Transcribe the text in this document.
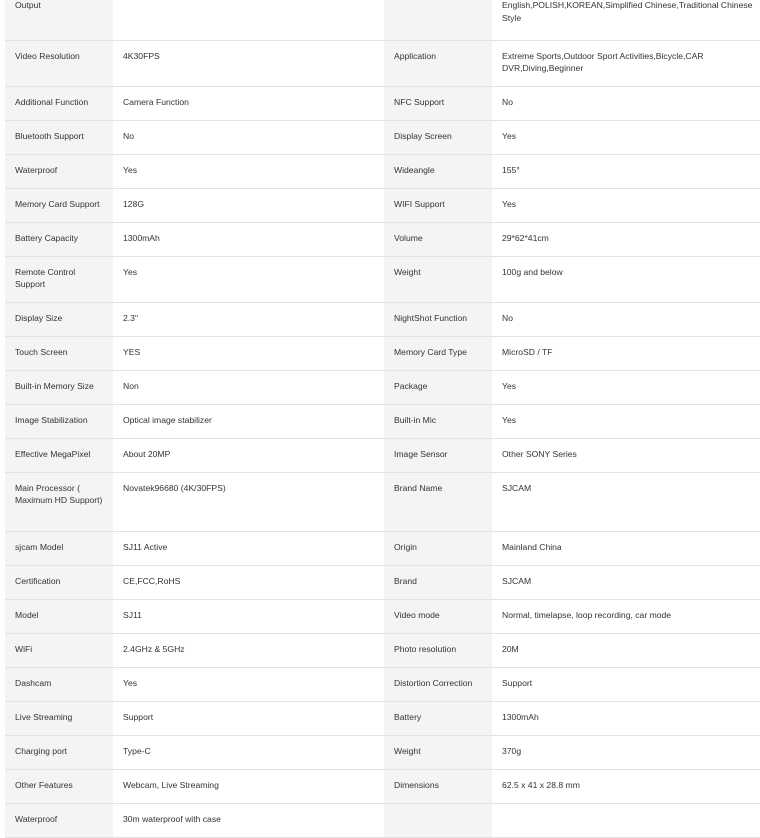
Output			English,POLISH,KOREAN,Simplified Chinese,Traditional Chinese Style
Video Resolution	4K30FPS	Application	Extreme Sports,Outdoor Sport Activities,Bicycle,CAR DVR,Diving,Beginner
Additional Function	Camera Function	NFC Support	No
Bluetooth Support	No	Display Screen	Yes
Waterproof	Yes	Wideangle	155°
Memory Card Support	128G	WIFI Support	Yes
Battery Capacity	1300mAh	Volume	29*62*41cm
Remote Control Support	Yes	Weight	100g and below
Display Size	2.3"	NightShot Function	No
Touch Screen	YES	Memory Card Type	MicroSD / TF
Built-in Memory Size	Non	Package	Yes
Image Stabilization	Optical image stabilizer	Built-in Mic	Yes
Effective MegaPixel	About 20MP	Image Sensor	Other SONY Series
Main Processor ( Maximum HD Support)	Novatek96680 (4K/30FPS)	Brand Name	SJCAM
sjcam Model	SJ11 Active	Origin	Mainland China
Certification	CE,FCC,RoHS	Brand	SJCAM
Model	SJ11	Video mode	Normal, timelapse, loop recording, car mode
WiFi	2.4GHz & 5GHz	Photo resolution	20M
Dashcam	Yes	Distortion Correction	Support
Live Streaming	Support	Battery	1300mAh
Charging port	Type-C	Weight	370g
Other Features	Webcam, Live Streaming	Dimensions	62.5 x 41 x 28.8 mm
Waterproof	30m waterproof with case		
